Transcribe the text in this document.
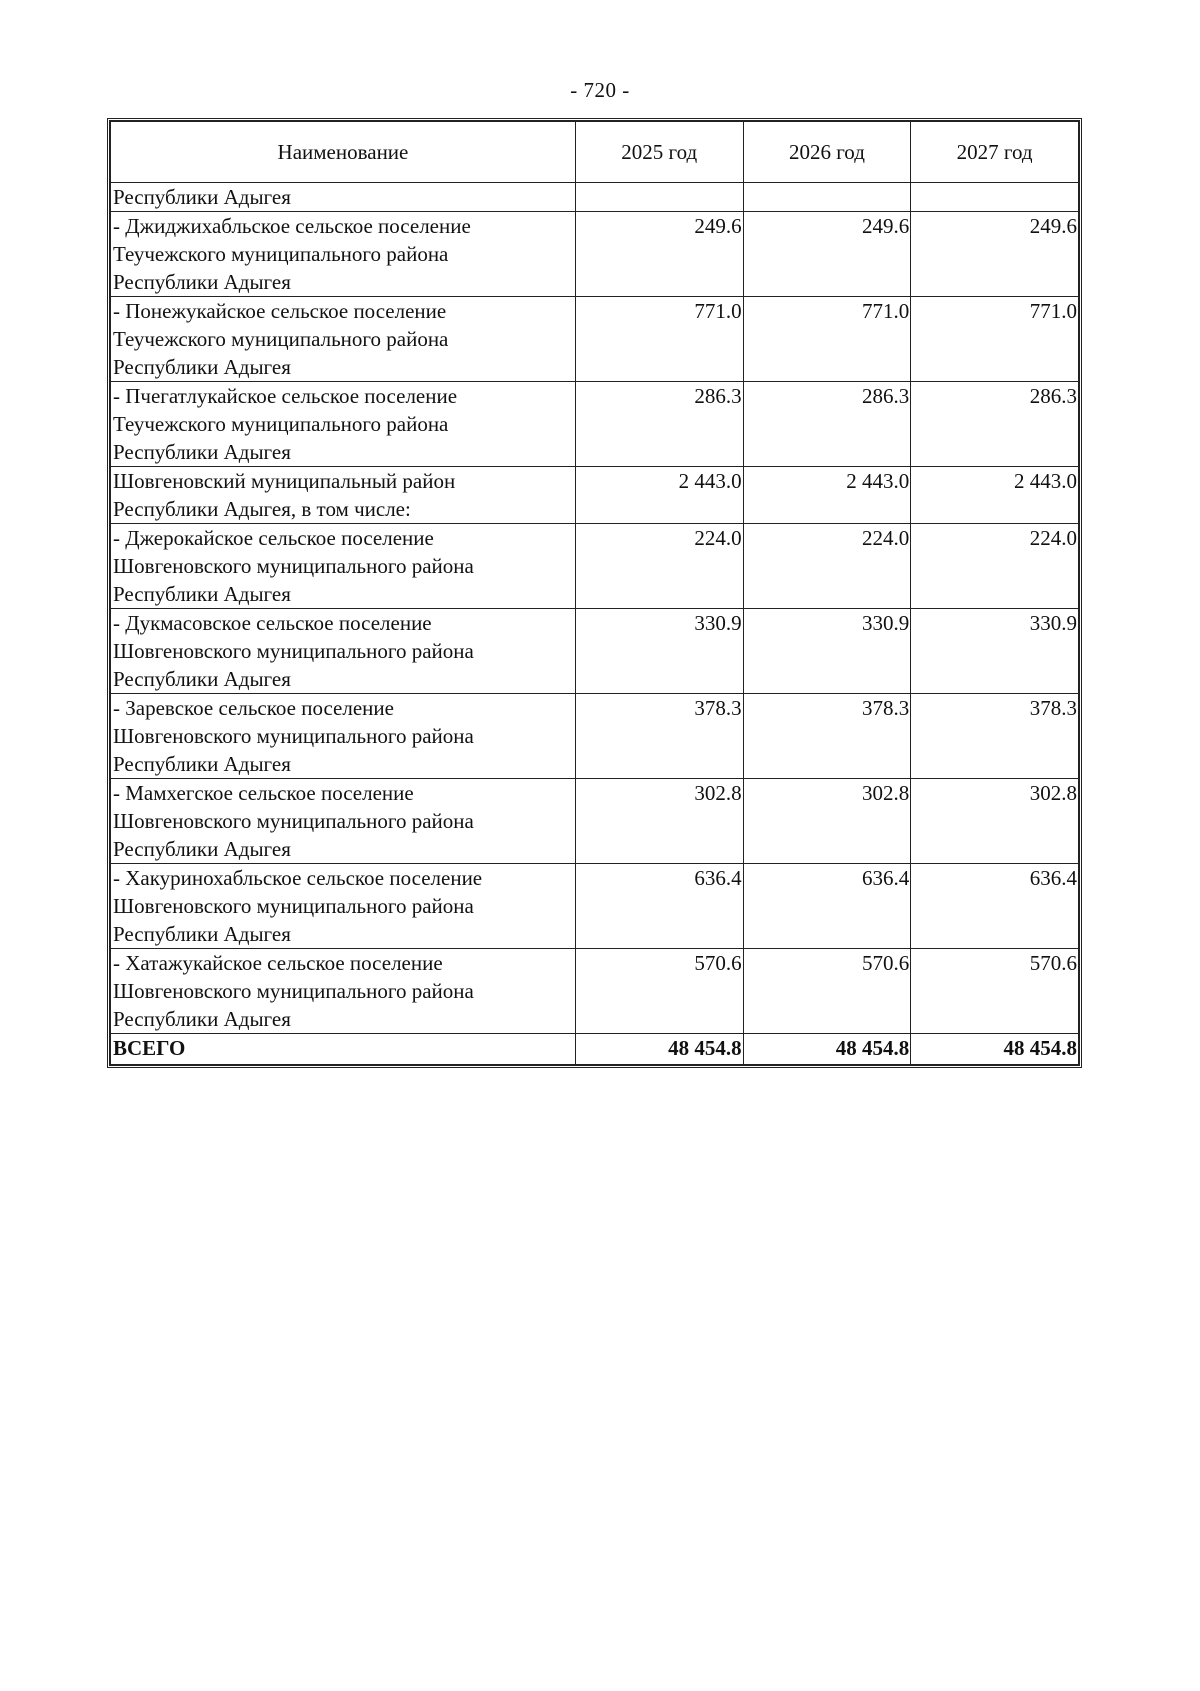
- 720 -
Наименование	2025 год	2026 год	2027 год

Республики Адыгея			

- Джиджихабльское сельское поселение
Теучежского муниципального района
Республики Адыгея	249.6	249.6	249.6

- Понежукайское сельское поселение
Теучежского муниципального района
Республики Адыгея	771.0	771.0	771.0

- Пчегатлукайское сельское поселение
Теучежского муниципального района
Республики Адыгея	286.3	286.3	286.3

Шовгеновский муниципальный район
Республики Адыгея, в том числе:	2 443.0	2 443.0	2 443.0

- Джерокайское сельское поселение
Шовгеновского муниципального района
Республики Адыгея	224.0	224.0	224.0

- Дукмасовское сельское поселение
Шовгеновского муниципального района
Республики Адыгея	330.9	330.9	330.9

- Заревское сельское поселение
Шовгеновского муниципального района
Республики Адыгея	378.3	378.3	378.3

- Мамхегское сельское поселение
Шовгеновского муниципального района
Республики Адыгея	302.8	302.8	302.8

- Хакуринохабльское сельское поселение
Шовгеновского муниципального района
Республики Адыгея	636.4	636.4	636.4

- Хатажукайское сельское поселение
Шовгеновского муниципального района
Республики Адыгея	570.6	570.6	570.6
ВСЕГО	48 454.8	48 454.8	48 454.8
